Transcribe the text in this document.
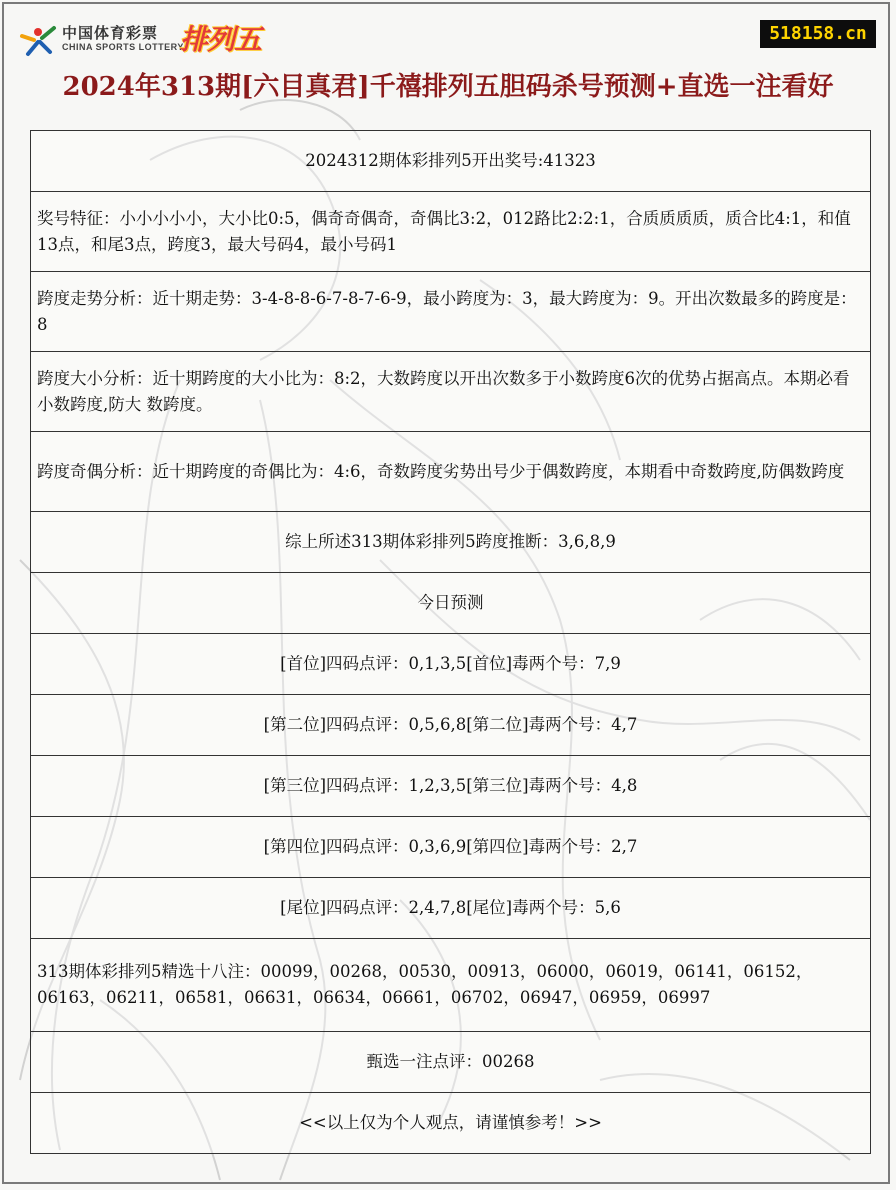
中国体育彩票
CHINA SPORTS LOTTERY
排列五	518158.cn
2024年313期[六目真君]千禧排列五胆码杀号预测+直选一注看好
2024312期体彩排列5开出奖号:41323
奖号特征：小小小小小，大小比0:5，偶奇奇偶奇，奇偶比3:2，012路比2:2:1，合质质质质，质合比4:1，和值13点，和尾3点，跨度3，最大号码4，最小号码1
跨度走势分析：近十期走势：3-4-8-8-6-7-8-7-6-9，最小跨度为：3，最大跨度为：9。开出次数最多的跨度是：8
跨度大小分析：近十期跨度的大小比为：8:2，大数跨度以开出次数多于小数跨度6次的优势占据高点。本期必看小数跨度,防大 数跨度。
跨度奇偶分析：近十期跨度的奇偶比为：4:6，奇数跨度劣势出号少于偶数跨度，本期看中奇数跨度,防偶数跨度
综上所述313期体彩排列5跨度推断：3,6,8,9
今日预测
[首位]四码点评：0,1,3,5[首位]毒两个号：7,9
[第二位]四码点评：0,5,6,8[第二位]毒两个号：4,7
[第三位]四码点评：1,2,3,5[第三位]毒两个号：4,8
[第四位]四码点评：0,3,6,9[第四位]毒两个号：2,7
[尾位]四码点评：2,4,7,8[尾位]毒两个号：5,6
313期体彩排列5精选十八注：00099，00268，00530，00913，06000，06019，06141，06152，06163，06211，06581，06631，06634，06661，06702，06947，06959，06997
甄选一注点评：00268
<<以上仅为个人观点，请谨慎参考！>>
